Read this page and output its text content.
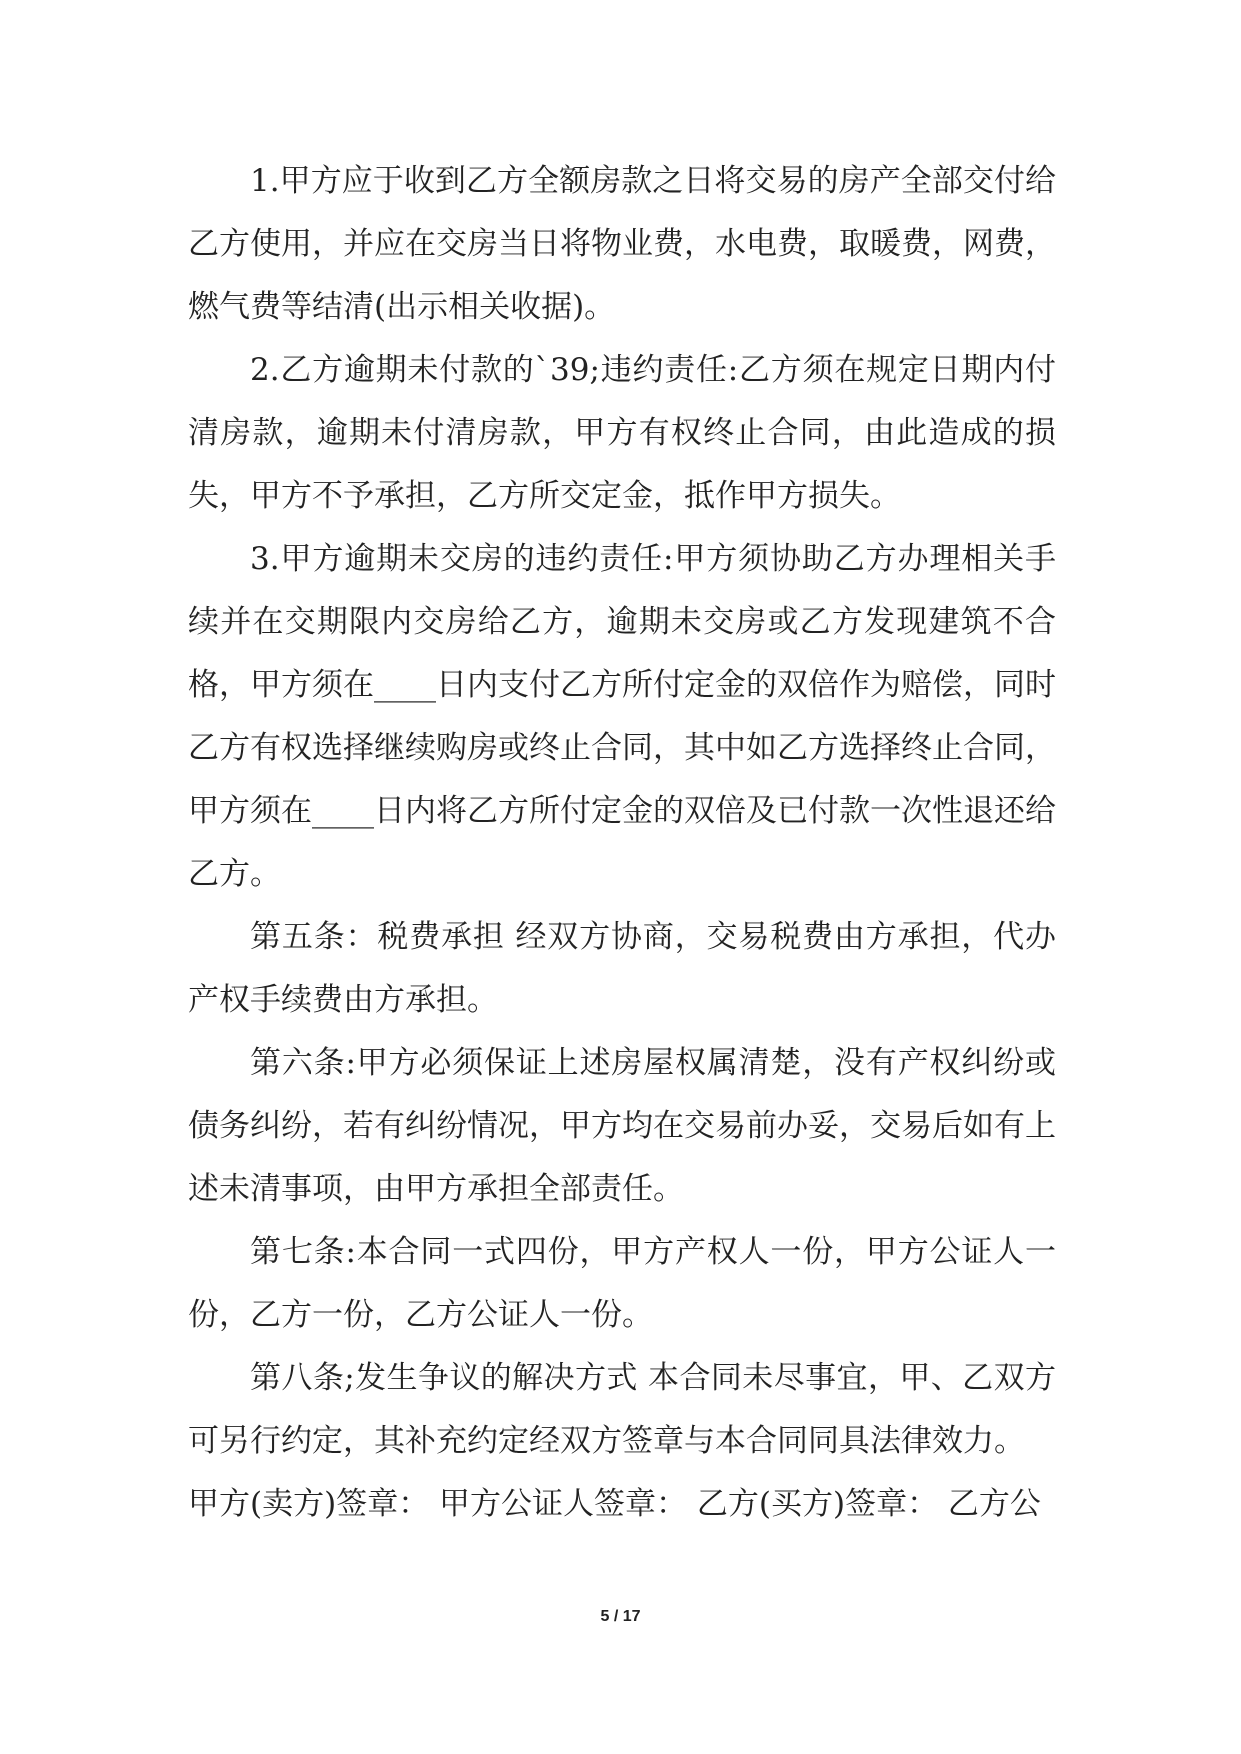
1.甲方应于收到乙方全额房款之日将交易的房产全部交付给乙方使用，并应在交房当日将物业费，水电费，取暖费，网费，燃气费等结清(出示相关收据)。

2.乙方逾期未付款的`39;违约责任:乙方须在规定日期内付清房款，逾期未付清房款，甲方有权终止合同，由此造成的损失，甲方不予承担，乙方所交定金，抵作甲方损失。

3.甲方逾期未交房的违约责任:甲方须协助乙方办理相关手续并在交期限内交房给乙方，逾期未交房或乙方发现建筑不合格，甲方须在____日内支付乙方所付定金的双倍作为赔偿，同时乙方有权选择继续购房或终止合同，其中如乙方选择终止合同，甲方须在____日内将乙方所付定金的双倍及已付款一次性退还给乙方。

第五条：税费承担 经双方协商，交易税费由方承担，代办产权手续费由方承担。

第六条:甲方必须保证上述房屋权属清楚，没有产权纠纷或债务纠纷，若有纠纷情况，甲方均在交易前办妥，交易后如有上述未清事项，由甲方承担全部责任。

第七条:本合同一式四份，甲方产权人一份，甲方公证人一份，乙方一份，乙方公证人一份。

第八条;发生争议的解决方式 本合同未尽事宜，甲、乙双方可另行约定，其补充约定经双方签章与本合同同具法律效力。

甲方(卖方)签章： 甲方公证人签章： 乙方(买方)签章： 乙方公

5 / 17
